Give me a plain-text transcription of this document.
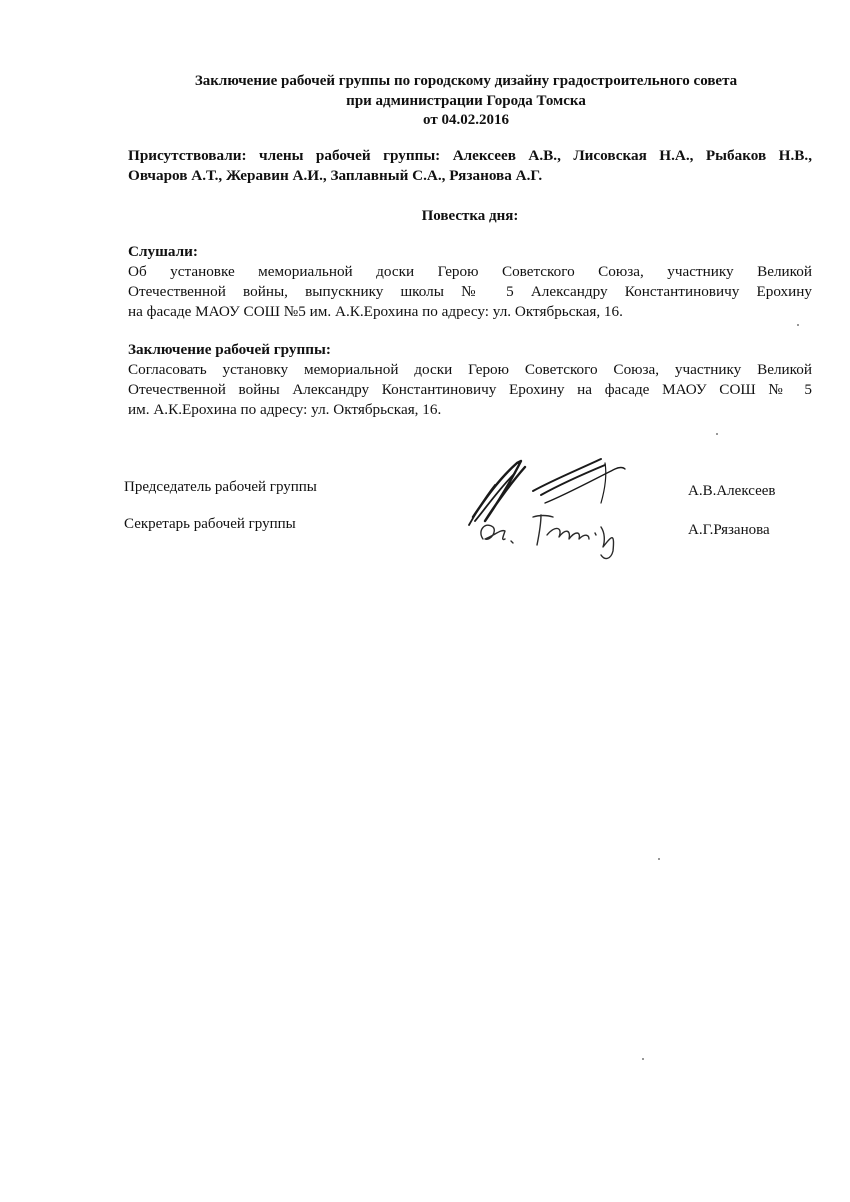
Заключение рабочей группы по городскому дизайну градостроительного совета
при администрации Города Томска
от 04.02.2016
Присутствовали: члены рабочей группы: Алексеев А.В., Лисовская Н.А., Рыбаков Н.В.,
Овчаров А.Т., Жеравин А.И., Заплавный С.А., Рязанова А.Г.
Повестка дня:
Слушали:
Об установке мемориальной доски Герою Советского Союза, участнику Великой
Отечественной войны, выпускнику школы № 5 Александру Константиновичу Ерохину
на фасаде МАОУ СОШ №5 им. А.К.Ерохина по адресу: ул. Октябрьская, 16.
Заключение рабочей группы:
Согласовать установку мемориальной доски Герою Советского Союза, участнику Великой
Отечественной войны Александру Константиновичу Ерохину на фасаде МАОУ СОШ № 5
им. А.К.Ерохина по адресу: ул. Октябрьская, 16.
Председатель рабочей группы
Секретарь рабочей группы
А.В.Алексеев
А.Г.Рязанова
